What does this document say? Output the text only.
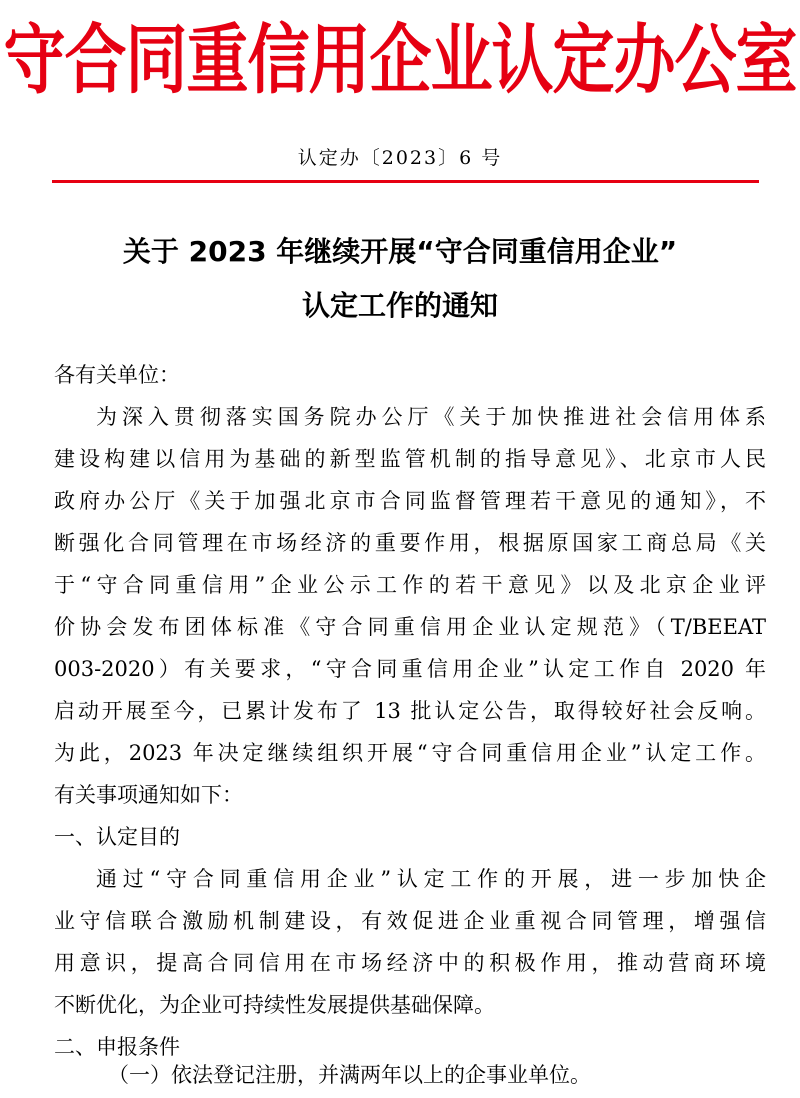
守合同重信用企业认定办公室
认定办〔2023〕6 号
关于 2023 年继续开展“守合同重信用企业”
认定工作的通知
各有关单位：
为深入贯彻落实国务院办公厅《关于加快推进社会信用体系
建设构建以信用为基础的新型监管机制的指导意见》、北京市人民
政府办公厅《关于加强北京市合同监督管理若干意见的通知》，不
断强化合同管理在市场经济的重要作用，根据原国家工商总局《关
于“守合同重信用”企业公示工作的若干意见》以及北京企业评
价协会发布团体标准《守合同重信用企业认定规范》（T/BEEAT
003-2020）有关要求，“守合同重信用企业”认定工作自 2020 年
启动开展至今，已累计发布了 13 批认定公告，取得较好社会反响。
为此，2023 年决定继续组织开展“守合同重信用企业”认定工作。
有关事项通知如下：
一、认定目的
通过“守合同重信用企业”认定工作的开展，进一步加快企
业守信联合激励机制建设，有效促进企业重视合同管理，增强信
用意识，提高合同信用在市场经济中的积极作用，推动营商环境
不断优化，为企业可持续性发展提供基础保障。
二、申报条件
（一）依法登记注册，并满两年以上的企事业单位。
